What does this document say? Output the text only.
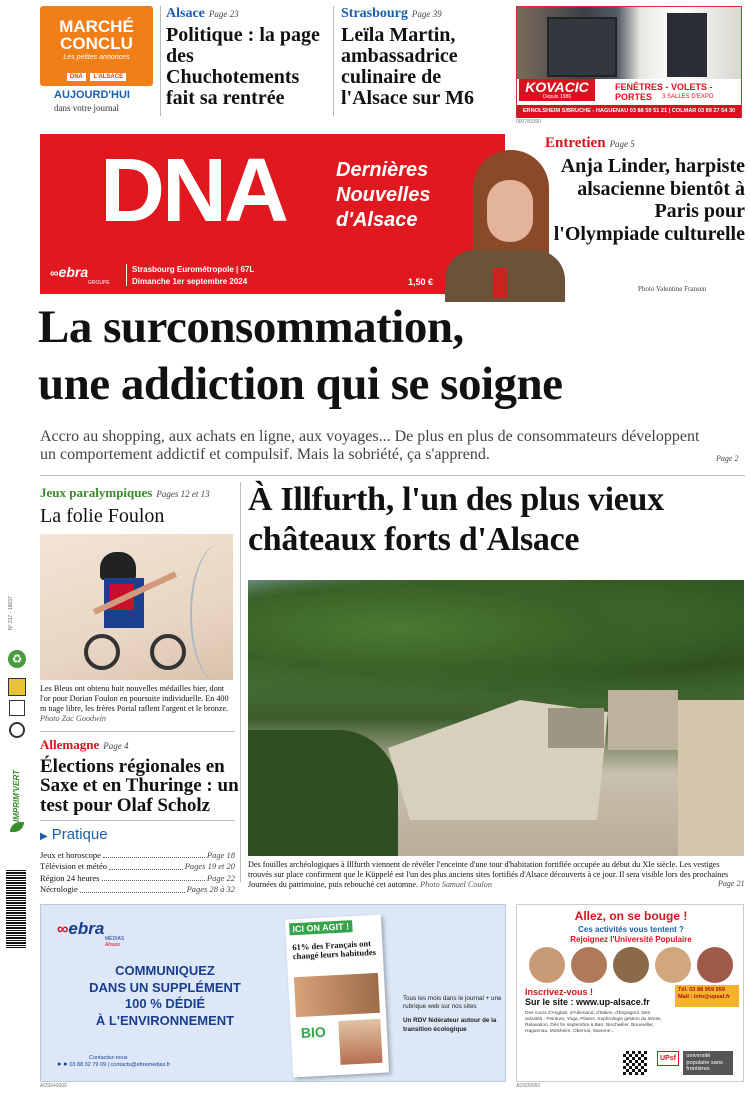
MARCHÉ
CONCLU
Les petites annonces
DNA L'ALSACE
AUJOURD'HUI
dans votre journal
Alsace Page 23
Politique : la page des Chuchotements fait sa rentrée
Strasbourg Page 39
Leïla Martin, ambassadrice culinaire de l'Alsace sur M6	KOVACIC
Depuis 1986
FENÊTRES - VOLETS - PORTES	3 SALLES D'EXPO
ERNOLSHEIM S/BRUCHE - HAGUENAU 03 88 59 51 21 | COLMAR 03 89 27 54 30
000783300
DNA	Dernières
Nouvelles
d'Alsace
∞ebra
GROUPE
Strasbourg Eurométropole | 67L
Dimanche 1er septembre 2024	1,50 €
Entretien Page 5
Anja Linder, harpiste alsacienne bientôt à Paris pour l'Olympiade culturelle
Photo Valentine Fransen
La surconsommation,
une addiction qui se soigne
Accro au shopping, aux achats en ligne, aux voyages... De plus en plus de consommateurs développent un comportement addictif et compulsif. Mais la sobriété, ça s'apprend.	Page 2
Jeux paralympiques Pages 12 et 13
La folie Foulon
Les Bleus ont obtenu huit nouvelles médailles hier, dont l'or pour Dorian Foulon en poursuite individuelle. En 400 m nage libre, les frères Portal raflent l'argent et le bronze. Photo Zac Goodwin
Allemagne Page 4
Élections régionales en Saxe et en Thuringe : un test pour Olaf Scholz
▶ Pratique
Jeux et horoscope	Page 18
Télévision et météo	Pages 19 et 20
Région 24 heures	Page 22
Nécrologie	Pages 28 à 32
À Illfurth, l'un des plus vieux
châteaux forts d'Alsace
Des fouilles archéologiques à Illfurth viennent de révéler l'enceinte d'une tour d'habitation fortifiée occupée au début du XIe siècle. Les vestiges trouvés sur place confirment que le Küppelé est l'un des plus anciens sites fortifiés d'Alsace découverts à ce jour. Il sera visible lors des prochaines Journées du patrimoine, puis rebouché cet automne. Photo Samuel Coulon	Page 21
N° 217 - 18637
♻
IMPRIM'VERT
∞ebra
MÉDIAS
Alsace
COMMUNIQUEZ
DANS UN SUPPLÉMENT
100 % DÉDIÉ
À L'ENVIRONNEMENT
Contactez-nous
● ● 03 88 32 79 09 | contacts@ebramedias.fr
ICI ON AGIT !
61% des Français ont changé leurs habitudes
BIO
Tous les mois dans le journal + une rubrique web sur nos sites
Un RDV fédérateur autour de la transition écologique
ADS649300
Allez, on se bouge !
Ces activités vous tentent ?
Rejoignez l'Université Populaire
Inscrivez-vous !
Sur le site : www.up-alsace.fr
Tél. 03 88 959 959
Mail : info@upsaf.fr
Des cours d'Anglais, d'Allemand, d'Italien, d'Espagnol. Des activités : Peinture, Yoga, Pilates, Sophrologie gestion du stress, Relaxation. Dès fin septembre à Barr, Bischwiller, Bouxwiller, Haguenau, Molsheim, Obernai, Saverne...
UPsf université populaire sans frontières
ADS09050
